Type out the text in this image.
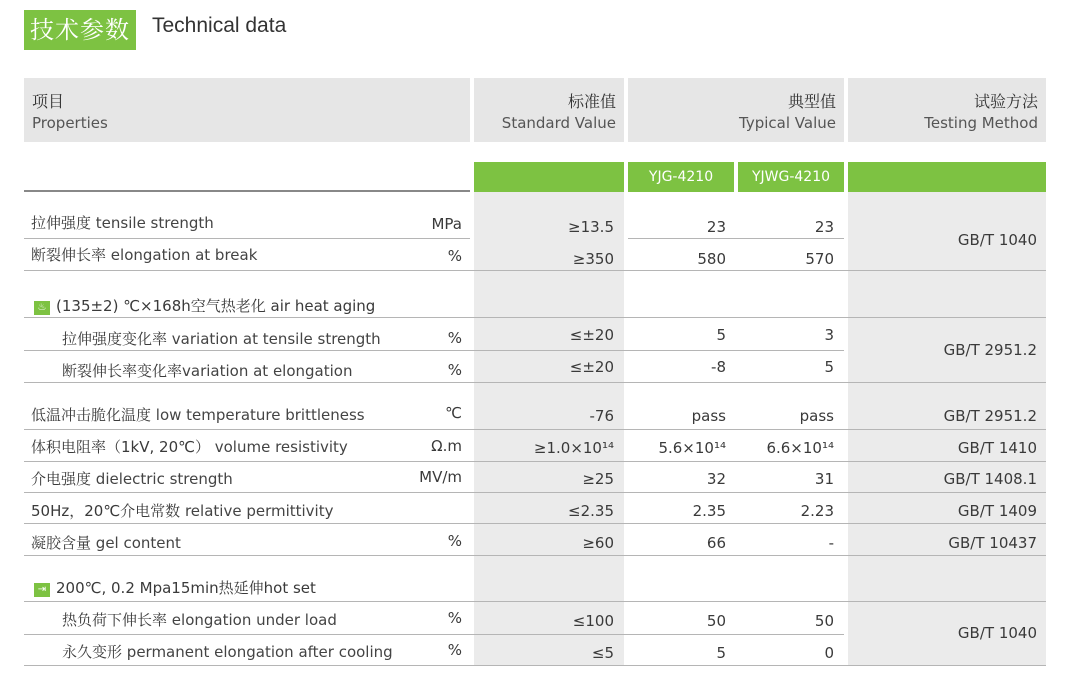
技术参数 Technical data
项目
Properties
标准值
Standard Value
典型值
Typical Value
试验方法
Testing Method
YJG-4210	YJWG-4210
拉伸强度 tensile strength	MPa	≥13.5	23	23
断裂伸长率 elongation at break	%	≥350	580	570
GB/T 1040
♨ (135±2) ℃×168h空气热老化 air heat aging
拉伸强度变化率 variation at tensile strength	%	≤±20	5	3
断裂伸长率变化率variation at elongation	%	≤±20	-8	5
GB/T 2951.2
低温冲击脆化温度 low temperature brittleness	℃	-76	pass	pass	GB/T 2951.2
体积电阻率（1kV, 20℃） volume resistivity	Ω.m	≥1.0×10¹⁴	5.6×10¹⁴	6.6×10¹⁴	GB/T 1410
介电强度 dielectric strength	MV/m	≥25	32	31	GB/T 1408.1
50Hz，20℃介电常数 relative permittivity	≤2.35	2.35	2.23	GB/T 1409
凝胶含量 gel content	%	≥60	66	-	GB/T 10437
⇥ 200℃, 0.2 Mpa15min热延伸hot set
热负荷下伸长率 elongation under load	%	≤100	50	50
永久变形 permanent elongation after cooling	%	≤5	5	0
GB/T 1040
